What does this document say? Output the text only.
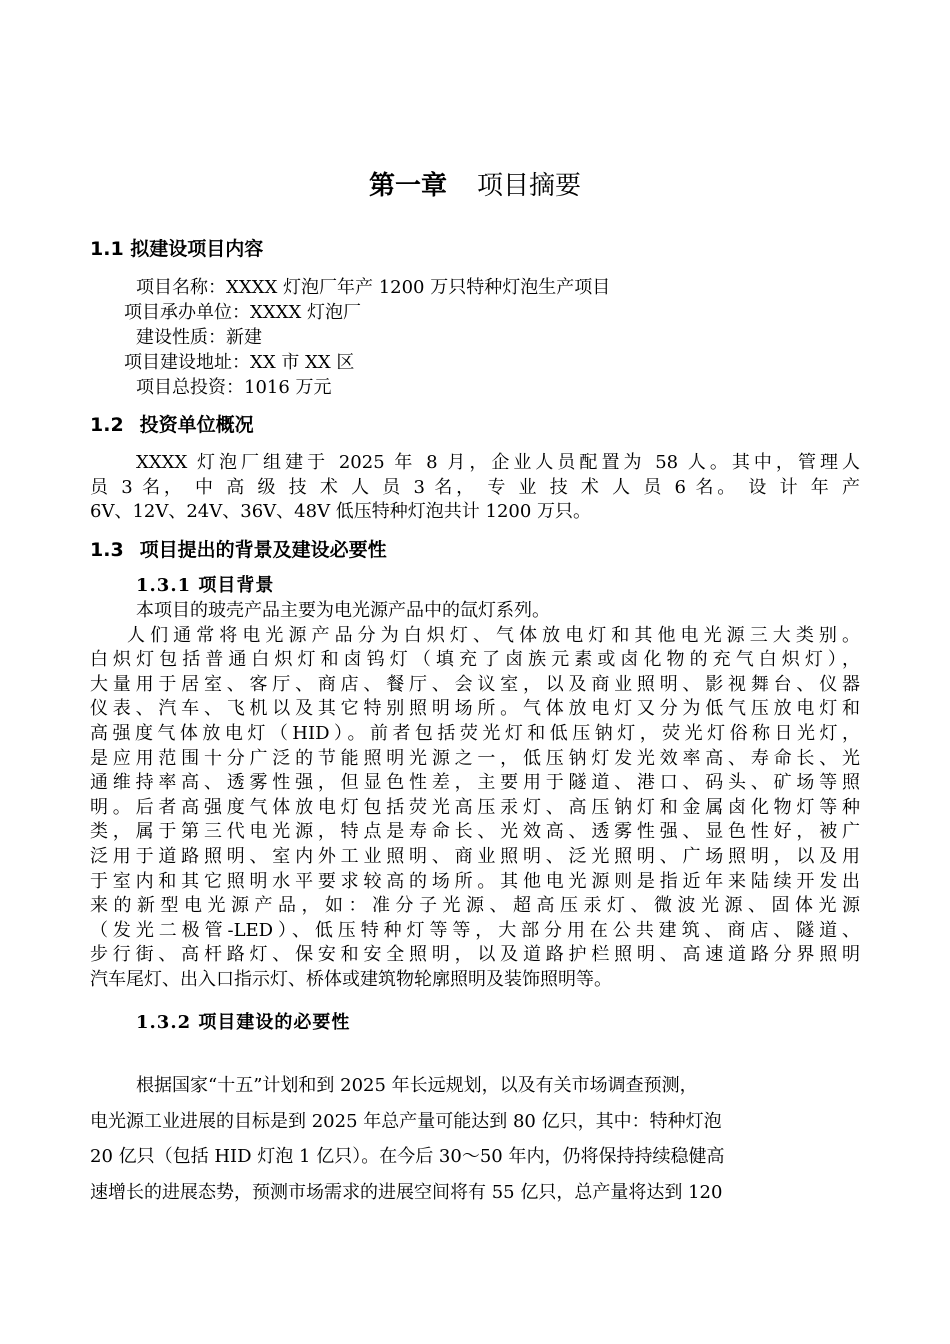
第一章 项目摘要
1.1 拟建设项目内容
项目名称：XXXX 灯泡厂年产 1200 万只特种灯泡生产项目
项目承办单位：XXXX 灯泡厂
建设性质：新建
项目建设地址：XX 市 XX 区
项目总投资：1016 万元
1.2 投资单位概况

XXXX 灯泡厂组建于 2025 年 8 月，企业人员配置为 58 人。其中，管理人

员 3 名， 中 高 级 技 术 人 员 3 名， 专 业 技 术 人 员 6 名。 设 计 年 产

6V、12V、24V、36V、48V 低压特种灯泡共计 1200 万只。

1.3 项目提出的背景及建设必要性
1.3.1 项目背景

本项目的玻壳产品主要为电光源产品中的氙灯系列。

人们通常将电光源产品分为白炽灯、气体放电灯和其他电光源三大类别。

白炽灯包括普通白炽灯和卤钨灯（填充了卤族元素或卤化物的充气白炽灯），

大量用于居室、客厅、商店、餐厅、会议室，以及商业照明、影视舞台、仪器

仪表、汽车、飞机以及其它特别照明场所。气体放电灯又分为低气压放电灯和

高强度气体放电灯（HID）。前者包括荧光灯和低压钠灯，荧光灯俗称日光灯，

是应用范围十分广泛的节能照明光源之一，低压钠灯发光效率高、寿命长、光

通维持率高、透雾性强，但显色性差，主要用于隧道、港口、码头、矿场等照

明。后者高强度气体放电灯包括荧光高压汞灯、高压钠灯和金属卤化物灯等种

类，属于第三代电光源，特点是寿命长、光效高、透雾性强、显色性好，被广

泛用于道路照明、室内外工业照明、商业照明、泛光照明、广场照明，以及用

于室内和其它照明水平要求较高的场所。其他电光源则是指近年来陆续开发出

来的新型电光源产品，如：准分子光源、超高压汞灯、微波光源、固体光源

（发光二极管-LED）、低压特种灯等等，大部分用在公共建筑、商店、隧道、

步行街、高杆路灯、保安和安全照明，以及道路护栏照明、高速道路分界照明

汽车尾灯、出入口指示灯、桥体或建筑物轮廓照明及装饰照明等。

1.3.2 项目建设的必要性
根据国家“十五”计划和到 2025 年长远规划，以及有关市场调查预测，
电光源工业进展的目标是到 2025 年总产量可能达到 80 亿只，其中：特种灯泡
20 亿只（包括 HID 灯泡 1 亿只）。在今后 30～50 年内，仍将保持持续稳健高
速增长的进展态势，预测市场需求的进展空间将有 55 亿只，总产量将达到 120
